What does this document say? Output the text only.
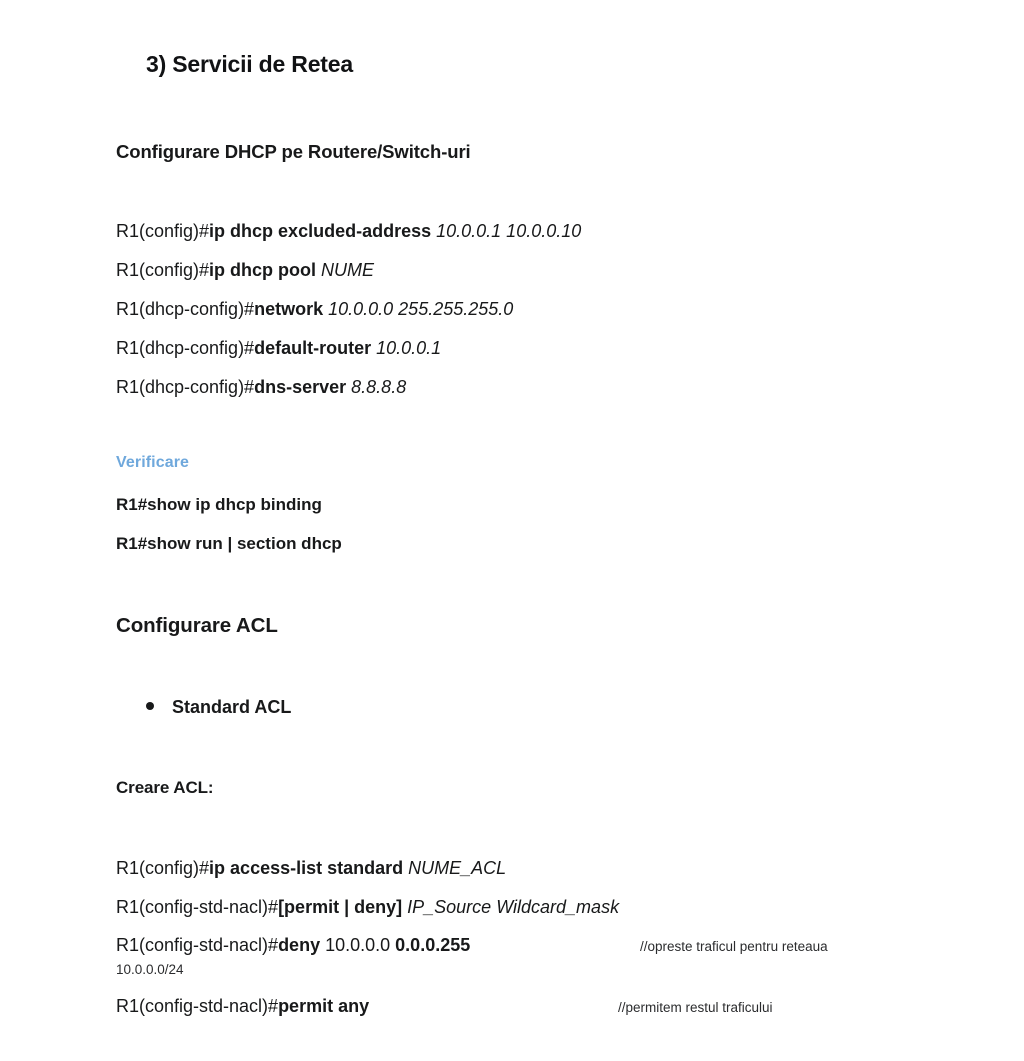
3) Servicii de Retea
Configurare DHCP pe Routere/Switch-uri
R1(config)#ip dhcp excluded-address 10.0.0.1 10.0.0.10
R1(config)#ip dhcp pool NUME
R1(dhcp-config)#network 10.0.0.0 255.255.255.0
R1(dhcp-config)#default-router 10.0.0.1
R1(dhcp-config)#dns-server 8.8.8.8
Verificare
R1#show ip dhcp binding
R1#show run | section dhcp
Configurare ACL
Standard ACL
Creare ACL:
R1(config)#ip access-list standard NUME_ACL
R1(config-std-nacl)#[permit | deny] IP_Source Wildcard_mask
R1(config-std-nacl)#deny 10.0.0.0 0.0.0.255	//opreste traficul pentru reteaua
10.0.0.0/24
R1(config-std-nacl)#permit any	//permitem restul traficului
